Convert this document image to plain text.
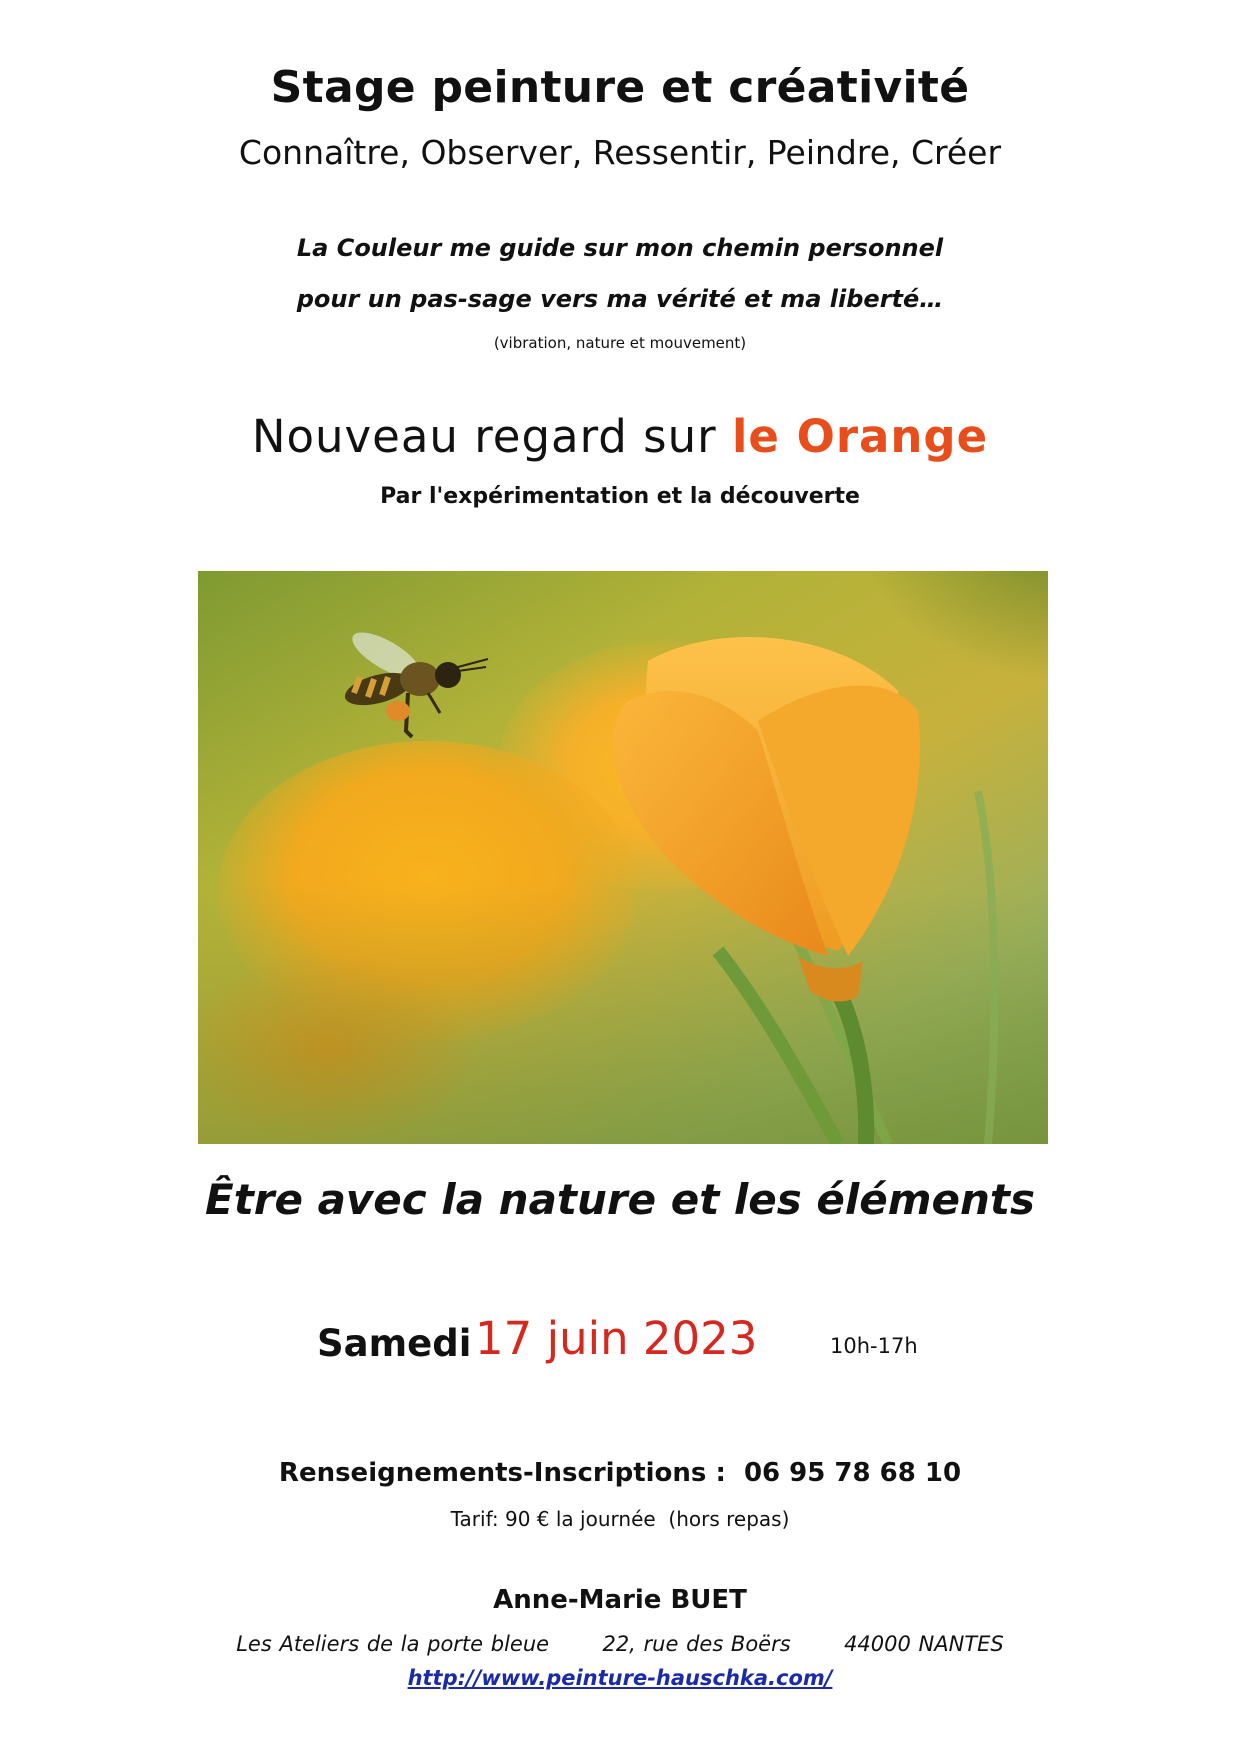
Stage peinture et créativité
Connaître, Observer, Ressentir, Peindre, Créer
La Couleur me guide sur mon chemin personnel
pour un pas-sage vers ma vérité et ma liberté…
(vibration, nature et mouvement)
Nouveau regard sur le Orange
Par l'expérimentation et la découverte
Être avec la nature et les éléments
Samedi 17 juin 2023	10h-17h
Renseignements-Inscriptions :  06 95 78 68 10
Tarif: 90 € la journée  (hors repas)
Anne-Marie BUET
Les Ateliers de la porte bleue	22, rue des Boërs	44000 NANTES
http://www.peinture-hauschka.com/
